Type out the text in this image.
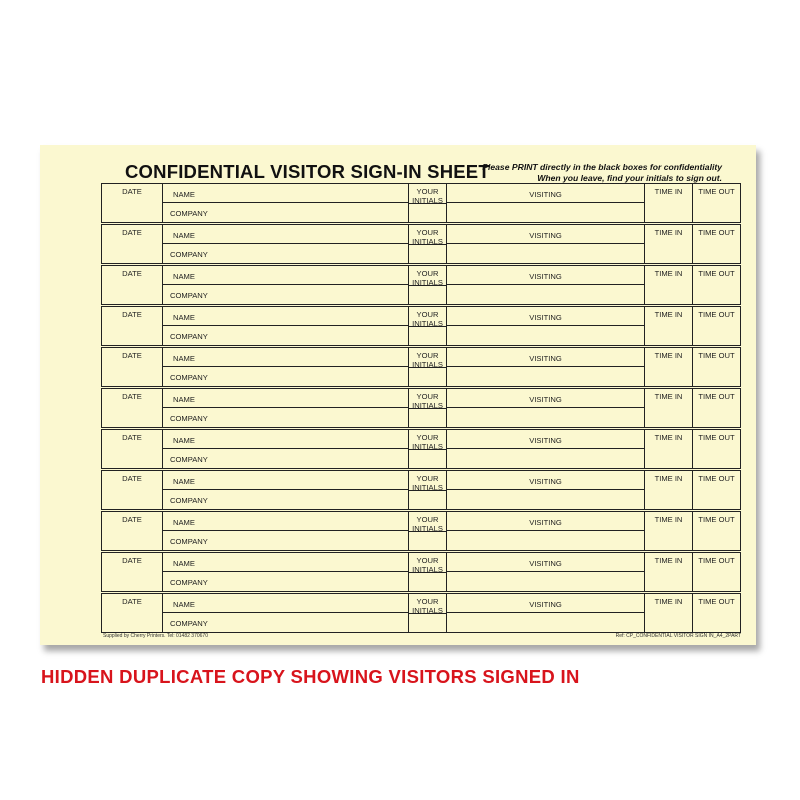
CONFIDENTIAL VISITOR SIGN-IN SHEET
Please PRINT directly in the black boxes for confidentiality
When you leave, find your initials to sign out.
DATE	NAME
COMPANY
YOUR
INITIALS
VISITING	TIME IN	TIME OUT
DATE	NAME
COMPANY
YOUR
INITIALS
VISITING	TIME IN	TIME OUT
DATE	NAME
COMPANY
YOUR
INITIALS
VISITING	TIME IN	TIME OUT
DATE	NAME
COMPANY
YOUR
INITIALS
VISITING	TIME IN	TIME OUT
DATE	NAME
COMPANY
YOUR
INITIALS
VISITING	TIME IN	TIME OUT
DATE	NAME
COMPANY
YOUR
INITIALS
VISITING	TIME IN	TIME OUT
DATE	NAME
COMPANY
YOUR
INITIALS
VISITING	TIME IN	TIME OUT
DATE	NAME
COMPANY
YOUR
INITIALS
VISITING	TIME IN	TIME OUT
DATE	NAME
COMPANY
YOUR
INITIALS
VISITING	TIME IN	TIME OUT
DATE	NAME
COMPANY
YOUR
INITIALS
VISITING	TIME IN	TIME OUT
DATE	NAME
COMPANY
YOUR
INITIALS
VISITING	TIME IN	TIME OUT
Supplied by Cherry Printers. Tel: 01482 370670	Ref: CP_CONFIDENTIAL VISITOR SIGN IN_A4_2PART
HIDDEN DUPLICATE COPY SHOWING VISITORS SIGNED IN
